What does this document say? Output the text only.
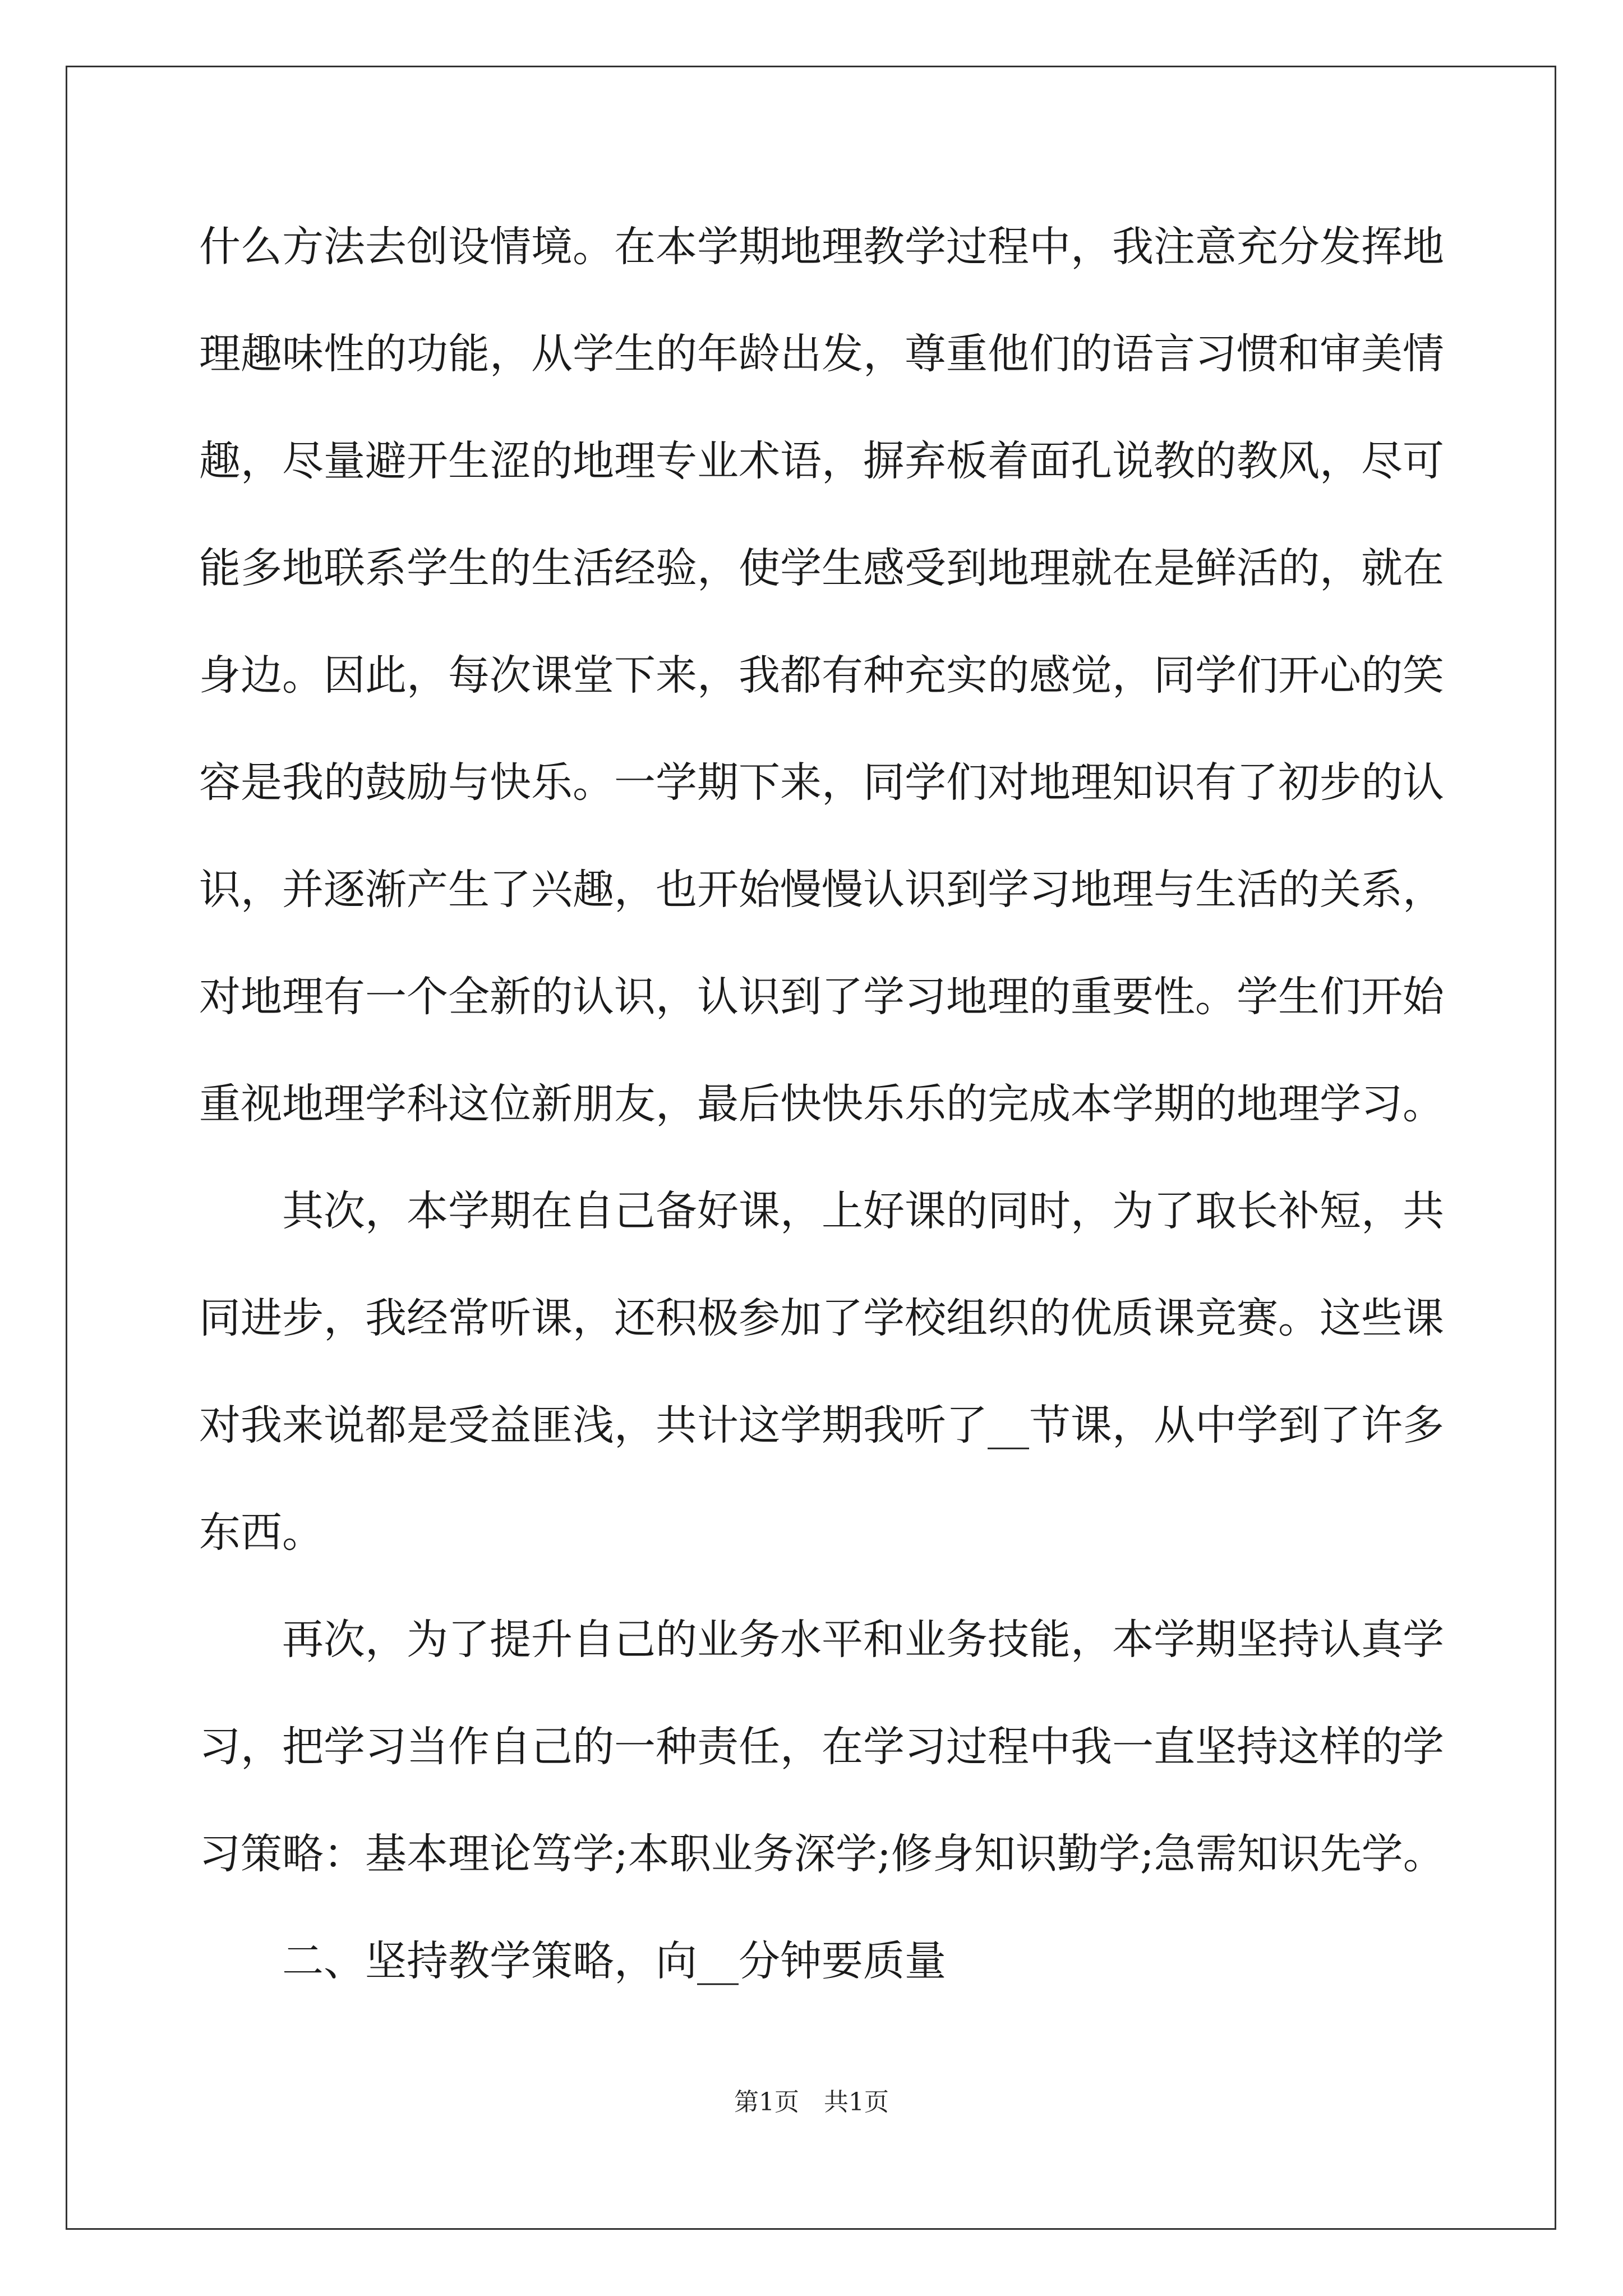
什么方法去创设情境。在本学期地理教学过程中，我注意充分发挥地
理趣味性的功能，从学生的年龄出发，尊重他们的语言习惯和审美情
趣，尽量避开生涩的地理专业术语，摒弃板着面孔说教的教风，尽可
能多地联系学生的生活经验，使学生感受到地理就在是鲜活的，就在
身边。因此，每次课堂下来，我都有种充实的感觉，同学们开心的笑
容是我的鼓励与快乐。一学期下来，同学们对地理知识有了初步的认
识，并逐渐产生了兴趣，也开始慢慢认识到学习地理与生活的关系，
对地理有一个全新的认识，认识到了学习地理的重要性。学生们开始
重视地理学科这位新朋友，最后快快乐乐的完成本学期的地理学习。
　　其次，本学期在自己备好课，上好课的同时，为了取长补短，共
同进步，我经常听课，还积极参加了学校组织的优质课竞赛。这些课
对我来说都是受益匪浅，共计这学期我听了__节课，从中学到了许多
东西。
　　再次，为了提升自己的业务水平和业务技能，本学期坚持认真学
习，把学习当作自己的一种责任，在学习过程中我一直坚持这样的学
习策略：基本理论笃学;本职业务深学;修身知识勤学;急需知识先学。
　　二、坚持教学策略，向__分钟要质量
第1页　共1页
